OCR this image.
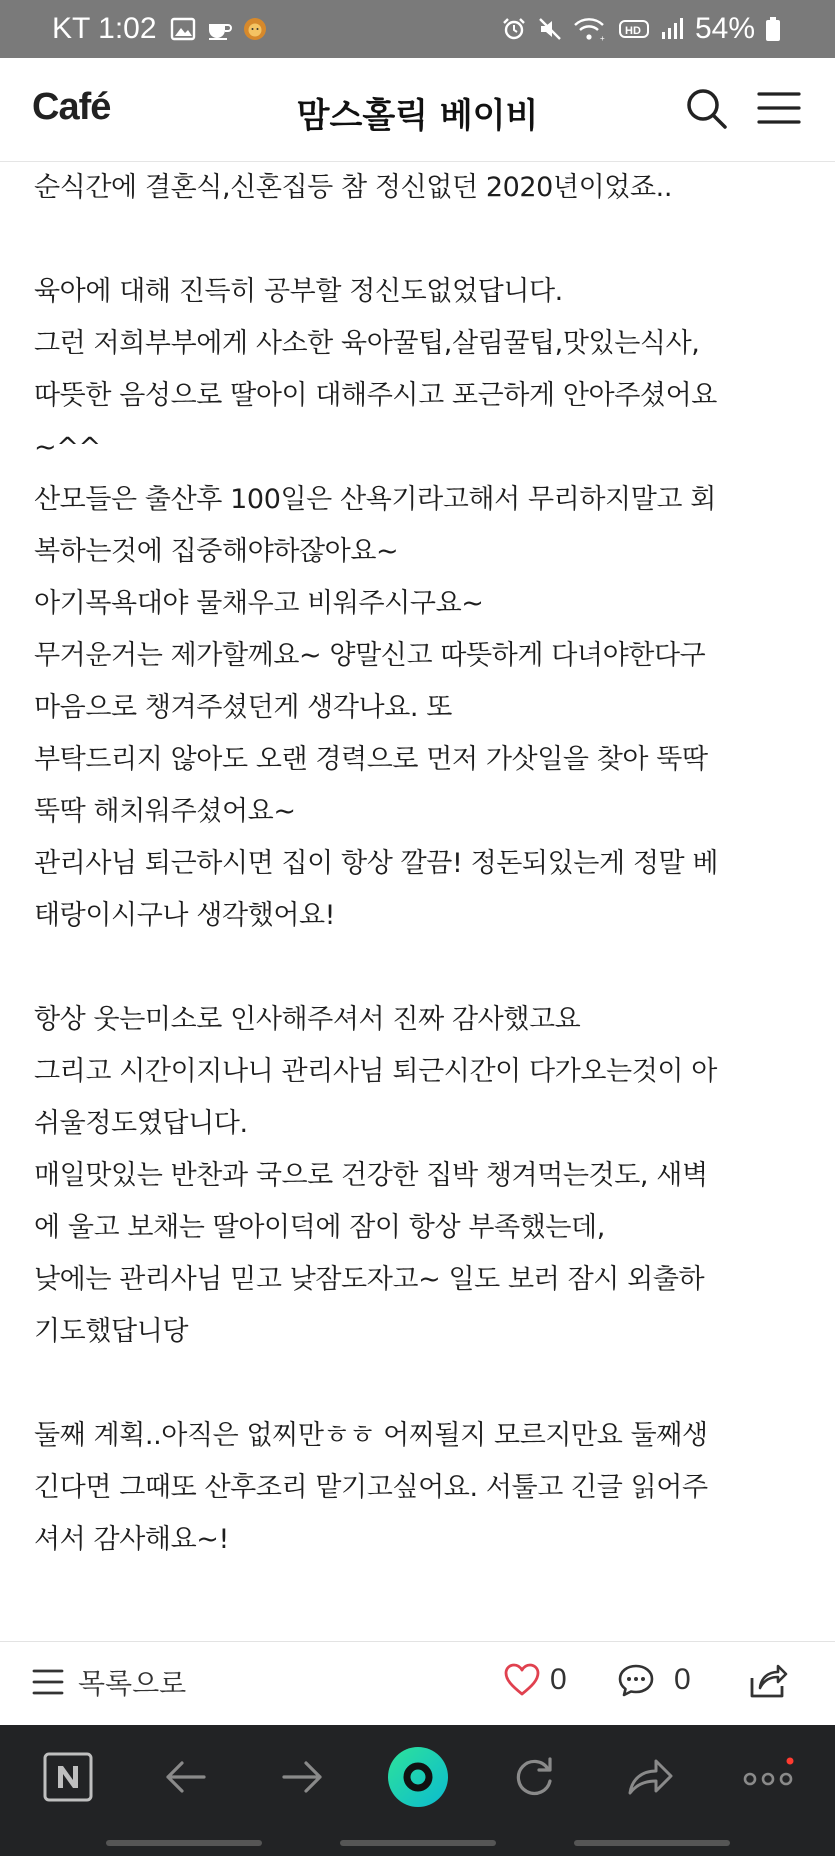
KT 1:02	+
HD 54%
Café	맘스홀릭 베이비
순식간에 결혼식,신혼집등 참 정신없던 2020년이었죠..
육아에 대해 진득히 공부할 정신도없었답니다.
그런 저희부부에게 사소한 육아꿀팁,살림꿀팁,맛있는식사,
따뜻한 음성으로 딸아이 대해주시고 포근하게 안아주셨어요
~^^
산모들은 출산후 100일은 산욕기라고해서 무리하지말고 회
복하는것에 집중해야하잖아요~
아기목욕대야 물채우고 비워주시구요~
무거운거는 제가할께요~ 양말신고 따뜻하게 다녀야한다구
마음으로 챙겨주셨던게 생각나요. 또
부탁드리지 않아도 오랜 경력으로 먼저 가삿일을 찾아 뚝딱
뚝딱 해치워주셨어요~
관리사님 퇴근하시면 집이 항상 깔끔! 정돈되있는게 정말 베
태랑이시구나 생각했어요!
항상 웃는미소로 인사해주셔서 진짜 감사했고요
그리고 시간이지나니 관리사님 퇴근시간이 다가오는것이 아
쉬울정도였답니다.
매일맛있는 반찬과 국으로 건강한 집박 챙겨먹는것도, 새벽
에 울고 보채는 딸아이덕에 잠이 항상 부족했는데,
낮에는 관리사님 믿고 낮잠도자고~ 일도 보러 잠시 외출하
기도했답니당
둘째 계획..아직은 없찌만ㅎㅎ 어찌될지 모르지만요 둘째생
긴다면 그때또 산후조리 맡기고싶어요. 서툴고 긴글 읽어주
셔서 감사해요~!
목록으로	0	0
